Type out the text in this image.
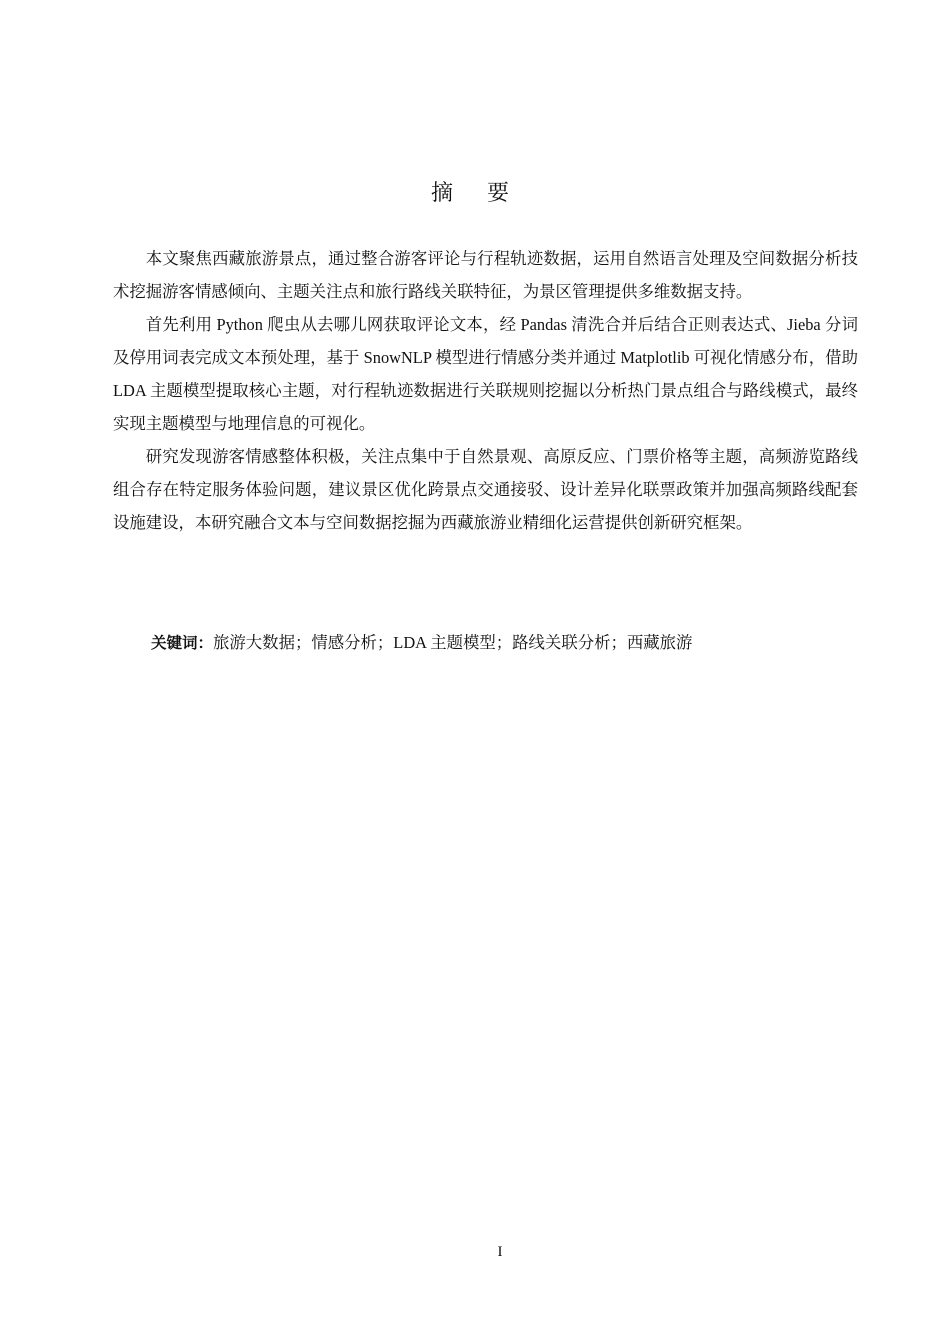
摘要

本文聚焦西藏旅游景点，通过整合游客评论与行程轨迹数据，运用自然语言处理及空间数据分析技术挖掘游客情感倾向、主题关注点和旅行路线关联特征，为景区管理提供多维数据支持。

首先利用 Python 爬虫从去哪儿网获取评论文本，经 Pandas 清洗合并后结合正则表达式、Jieba 分词及停用词表完成文本预处理，基于 SnowNLP 模型进行情感分类并通过 Matplotlib 可视化情感分布，借助 LDA 主题模型提取核心主题，对行程轨迹数据进行关联规则挖掘以分析热门景点组合与路线模式，最终实现主题模型与地理信息的可视化。

研究发现游客情感整体积极，关注点集中于自然景观、高原反应、门票价格等主题，高频游览路线组合存在特定服务体验问题，建议景区优化跨景点交通接驳、设计差异化联票政策并加强高频路线配套设施建设，本研究融合文本与空间数据挖掘为西藏旅游业精细化运营提供创新研究框架。

关键词：旅游大数据；情感分析；LDA 主题模型；路线关联分析；西藏旅游
I
